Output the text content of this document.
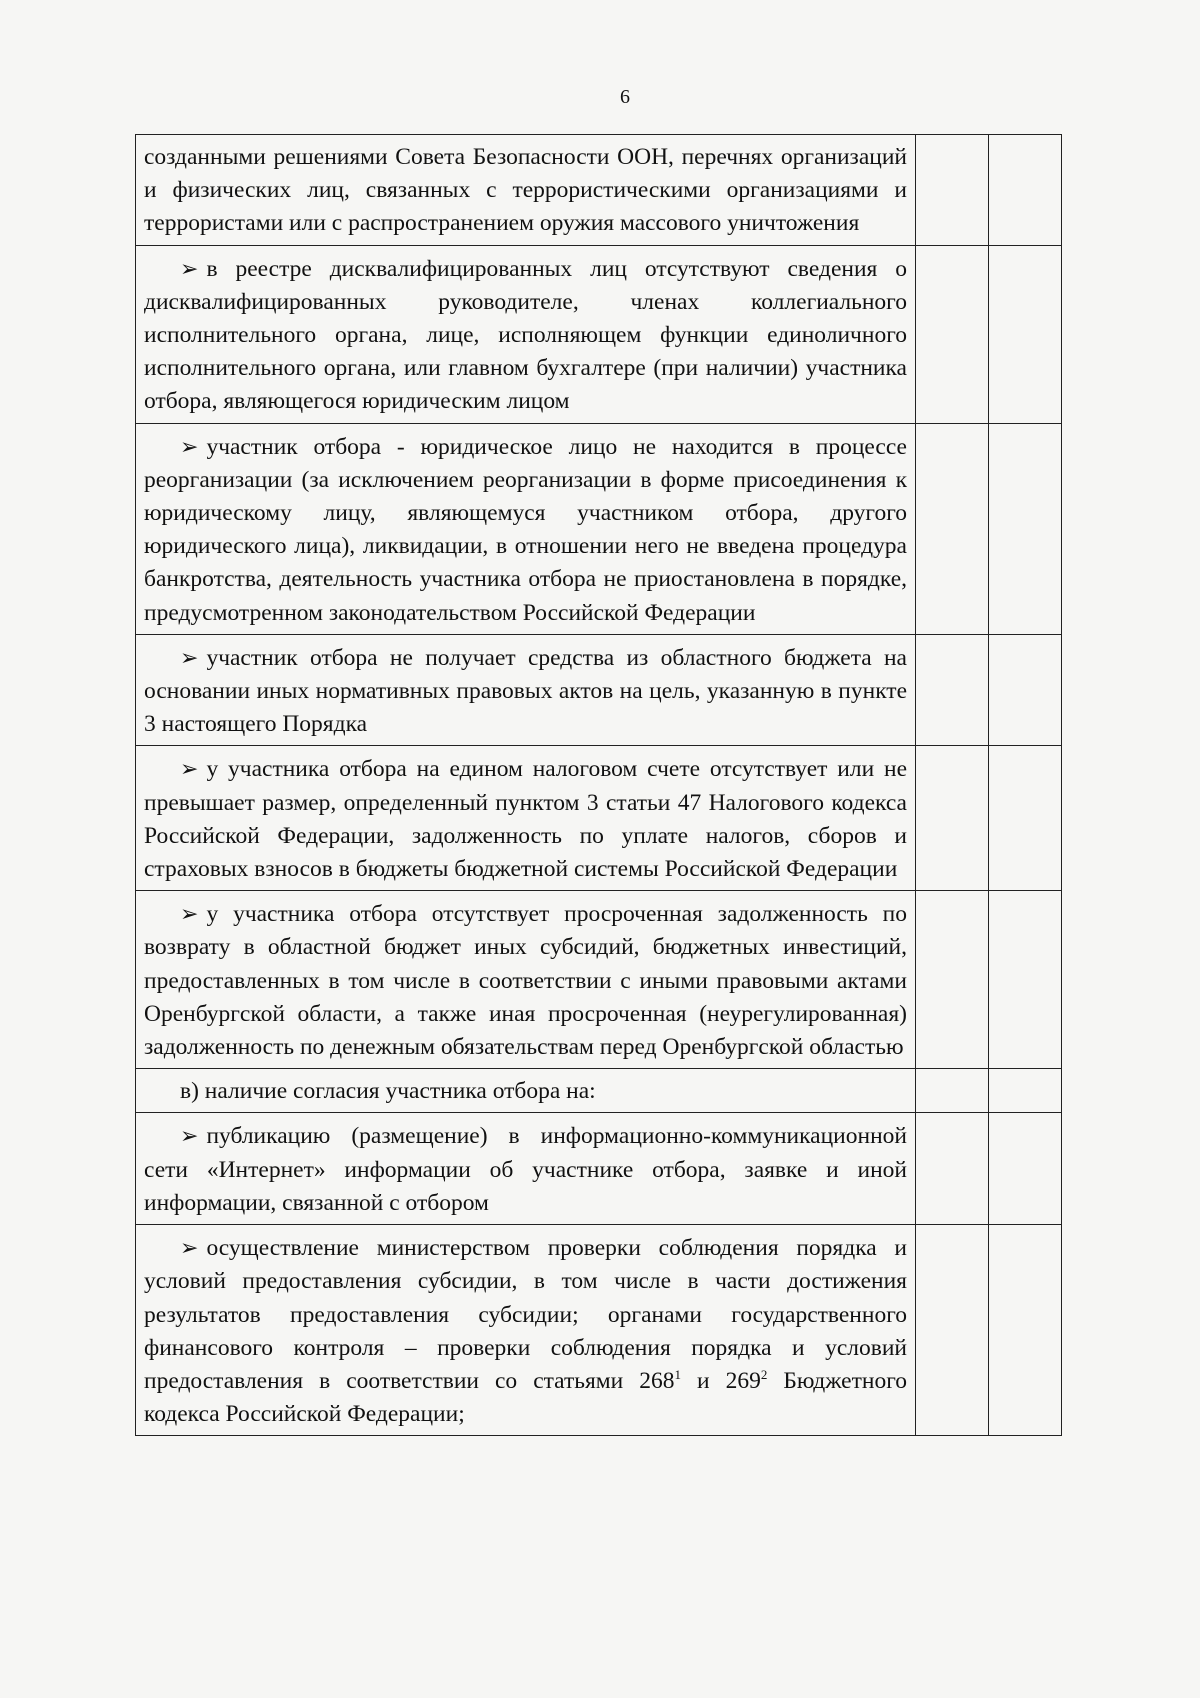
6
созданными решениями Совета Безопасности ООН, перечнях организаций и физических лиц, связанных с террористическими организациями и террористами или с распространением оружия массового уничтожения		

➢ в реестре дисквалифицированных лиц отсутствуют сведения о дисквалифицированных руководителе, членах коллегиального исполнительного органа, лице, исполняющем функции единоличного исполнительного органа, или главном бухгалтере (при наличии) участника отбора, являющегося юридическим лицом		

➢ участник отбора - юридическое лицо не находится в процессе реорганизации (за исключением реорганизации в форме присоединения к юридическому лицу, являющемуся участником отбора, другого юридического лица), ликвидации, в отношении него не введена процедура банкротства, деятельность участника отбора не приостановлена в порядке, предусмотренном законодательством Российской Федерации		

➢ участник отбора не получает средства из областного бюджета на основании иных нормативных правовых актов на цель, указанную в пункте 3 настоящего Порядка		

➢ у участника отбора на едином налоговом счете отсутствует или не превышает размер, определенный пунктом 3 статьи 47 Налогового кодекса Российской Федерации, задолженность по уплате налогов, сборов и страховых взносов в бюджеты бюджетной системы Российской Федерации		

➢ у участника отбора отсутствует просроченная задолженность по возврату в областной бюджет иных субсидий, бюджетных инвестиций, предоставленных в том числе в соответствии с иными правовыми актами Оренбургской области, а также иная просроченная (неурегулированная) задолженность по денежным обязательствам перед Оренбургской областью		

в) наличие согласия участника отбора на:		

➢ публикацию (размещение) в информационно-коммуникационной сети «Интернет» информации об участнике отбора, заявке и иной информации, связанной с отбором		

➢ осуществление министерством проверки соблюдения порядка и условий предоставления субсидии, в том числе в части достижения результатов предоставления субсидии; органами государственного финансового контроля – проверки соблюдения порядка и условий предоставления в соответствии со статьями $268^1$ и $269^2$ Бюджетного кодекса Российской Федерации;		
